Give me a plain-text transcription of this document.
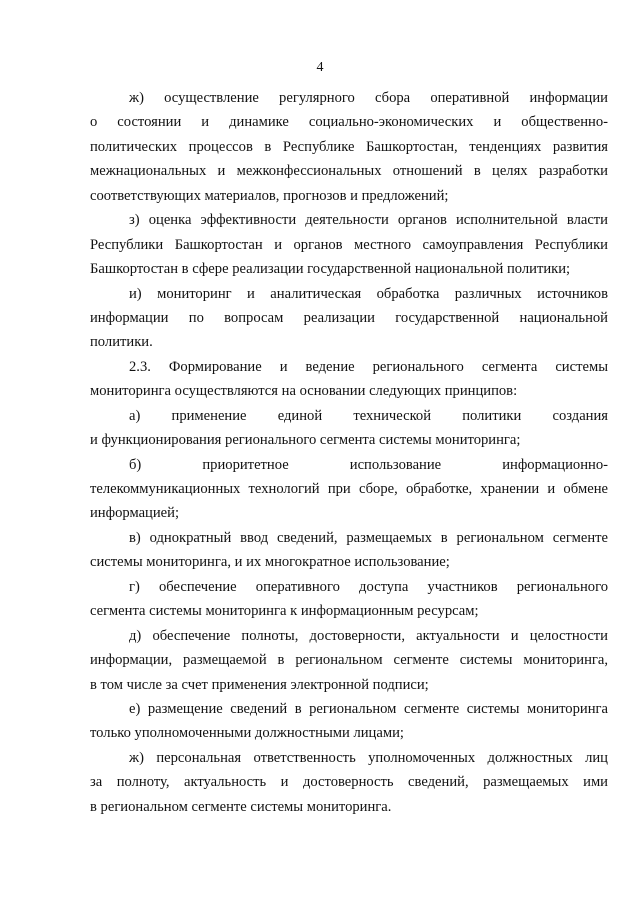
4
ж) осуществление регулярного сбора оперативной информации
о состоянии и динамике социально-экономических и общественно-
политических процессов в Республике Башкортостан, тенденциях развития
межнациональных и межконфессиональных отношений в целях разработки
соответствующих материалов, прогнозов и предложений;
з) оценка эффективности деятельности органов исполнительной власти
Республики Башкортостан и органов местного самоуправления Республики
Башкортостан в сфере реализации государственной национальной политики;
и) мониторинг и аналитическая обработка различных источников
информации по вопросам реализации государственной национальной
политики.
2.3. Формирование и ведение регионального сегмента системы
мониторинга осуществляются на основании следующих принципов:
а) применение единой технической политики создания
и функционирования регионального сегмента системы мониторинга;
б) приоритетное использование информационно-
телекоммуникационных технологий при сборе, обработке, хранении и обмене
информацией;
в) однократный ввод сведений, размещаемых в региональном сегменте
системы мониторинга, и их многократное использование;
г) обеспечение оперативного доступа участников регионального
сегмента системы мониторинга к информационным ресурсам;
д) обеспечение полноты, достоверности, актуальности и целостности
информации, размещаемой в региональном сегменте системы мониторинга,
в том числе за счет применения электронной подписи;
е) размещение сведений в региональном сегменте системы мониторинга
только уполномоченными должностными лицами;
ж) персональная ответственность уполномоченных должностных лиц
за полноту, актуальность и достоверность сведений, размещаемых ими
в региональном сегменте системы мониторинга.
